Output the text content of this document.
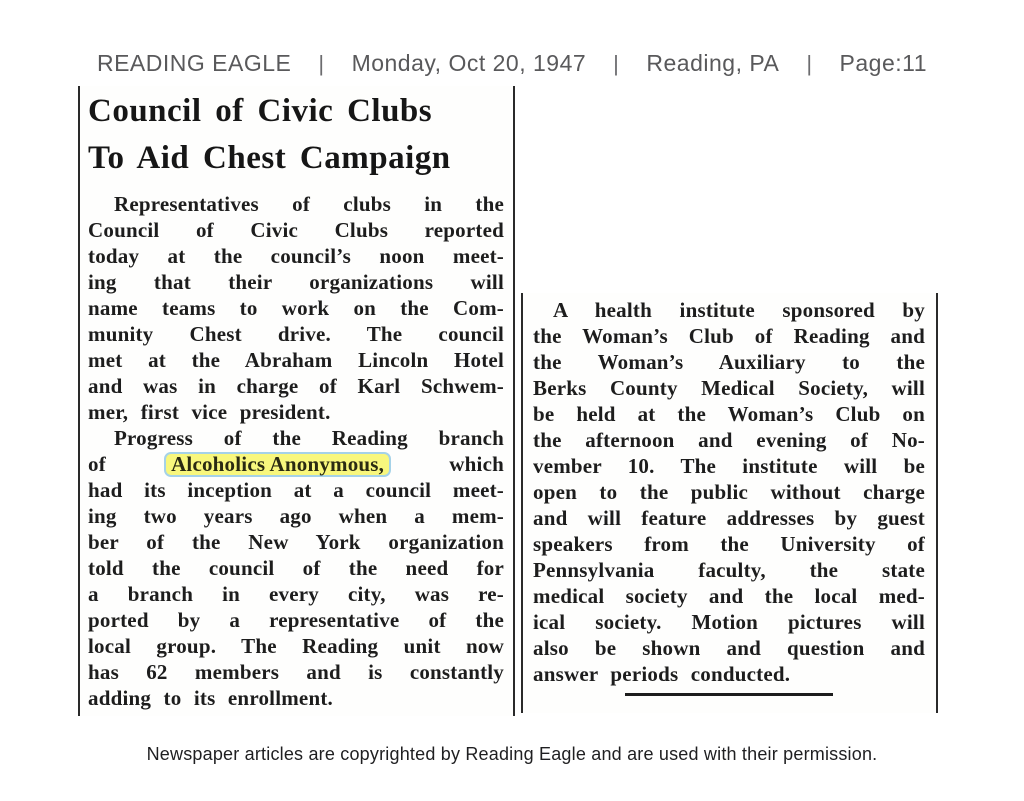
READING EAGLE | Monday, Oct 20, 1947 | Reading, PA | Page:11
Council of Civic Clubs
To Aid Chest Campaign
Representatives of clubs in the
Council of Civic Clubs reported
today at the council’s noon meet-
ing that their organizations will
name teams to work on the Com-
munity Chest drive. The council
met at the Abraham Lincoln Hotel
and was in charge of Karl Schwem-
mer, first vice president.
Progress of the Reading branch
of	Alcoholics Anonymous,	which
had its inception at a council meet-
ing two years ago when a mem-
ber of the New York organization
told the council of the need for
a branch in every city, was re-
ported by a representative of the
local group. The Reading unit now
has 62 members and is constantly
adding to its enrollment.
A health institute sponsored by
the Woman’s Club of Reading and
the Woman’s Auxiliary to the
Berks County Medical Society, will
be held at the Woman’s Club on
the afternoon and evening of No-
vember 10. The institute will be
open to the public without charge
and will feature addresses by guest
speakers from the University of
Pennsylvania faculty, the state
medical society and the local med-
ical society. Motion pictures will
also be shown and question and
answer periods conducted.
Newspaper articles are copyrighted by Reading Eagle and are used with their permission.
